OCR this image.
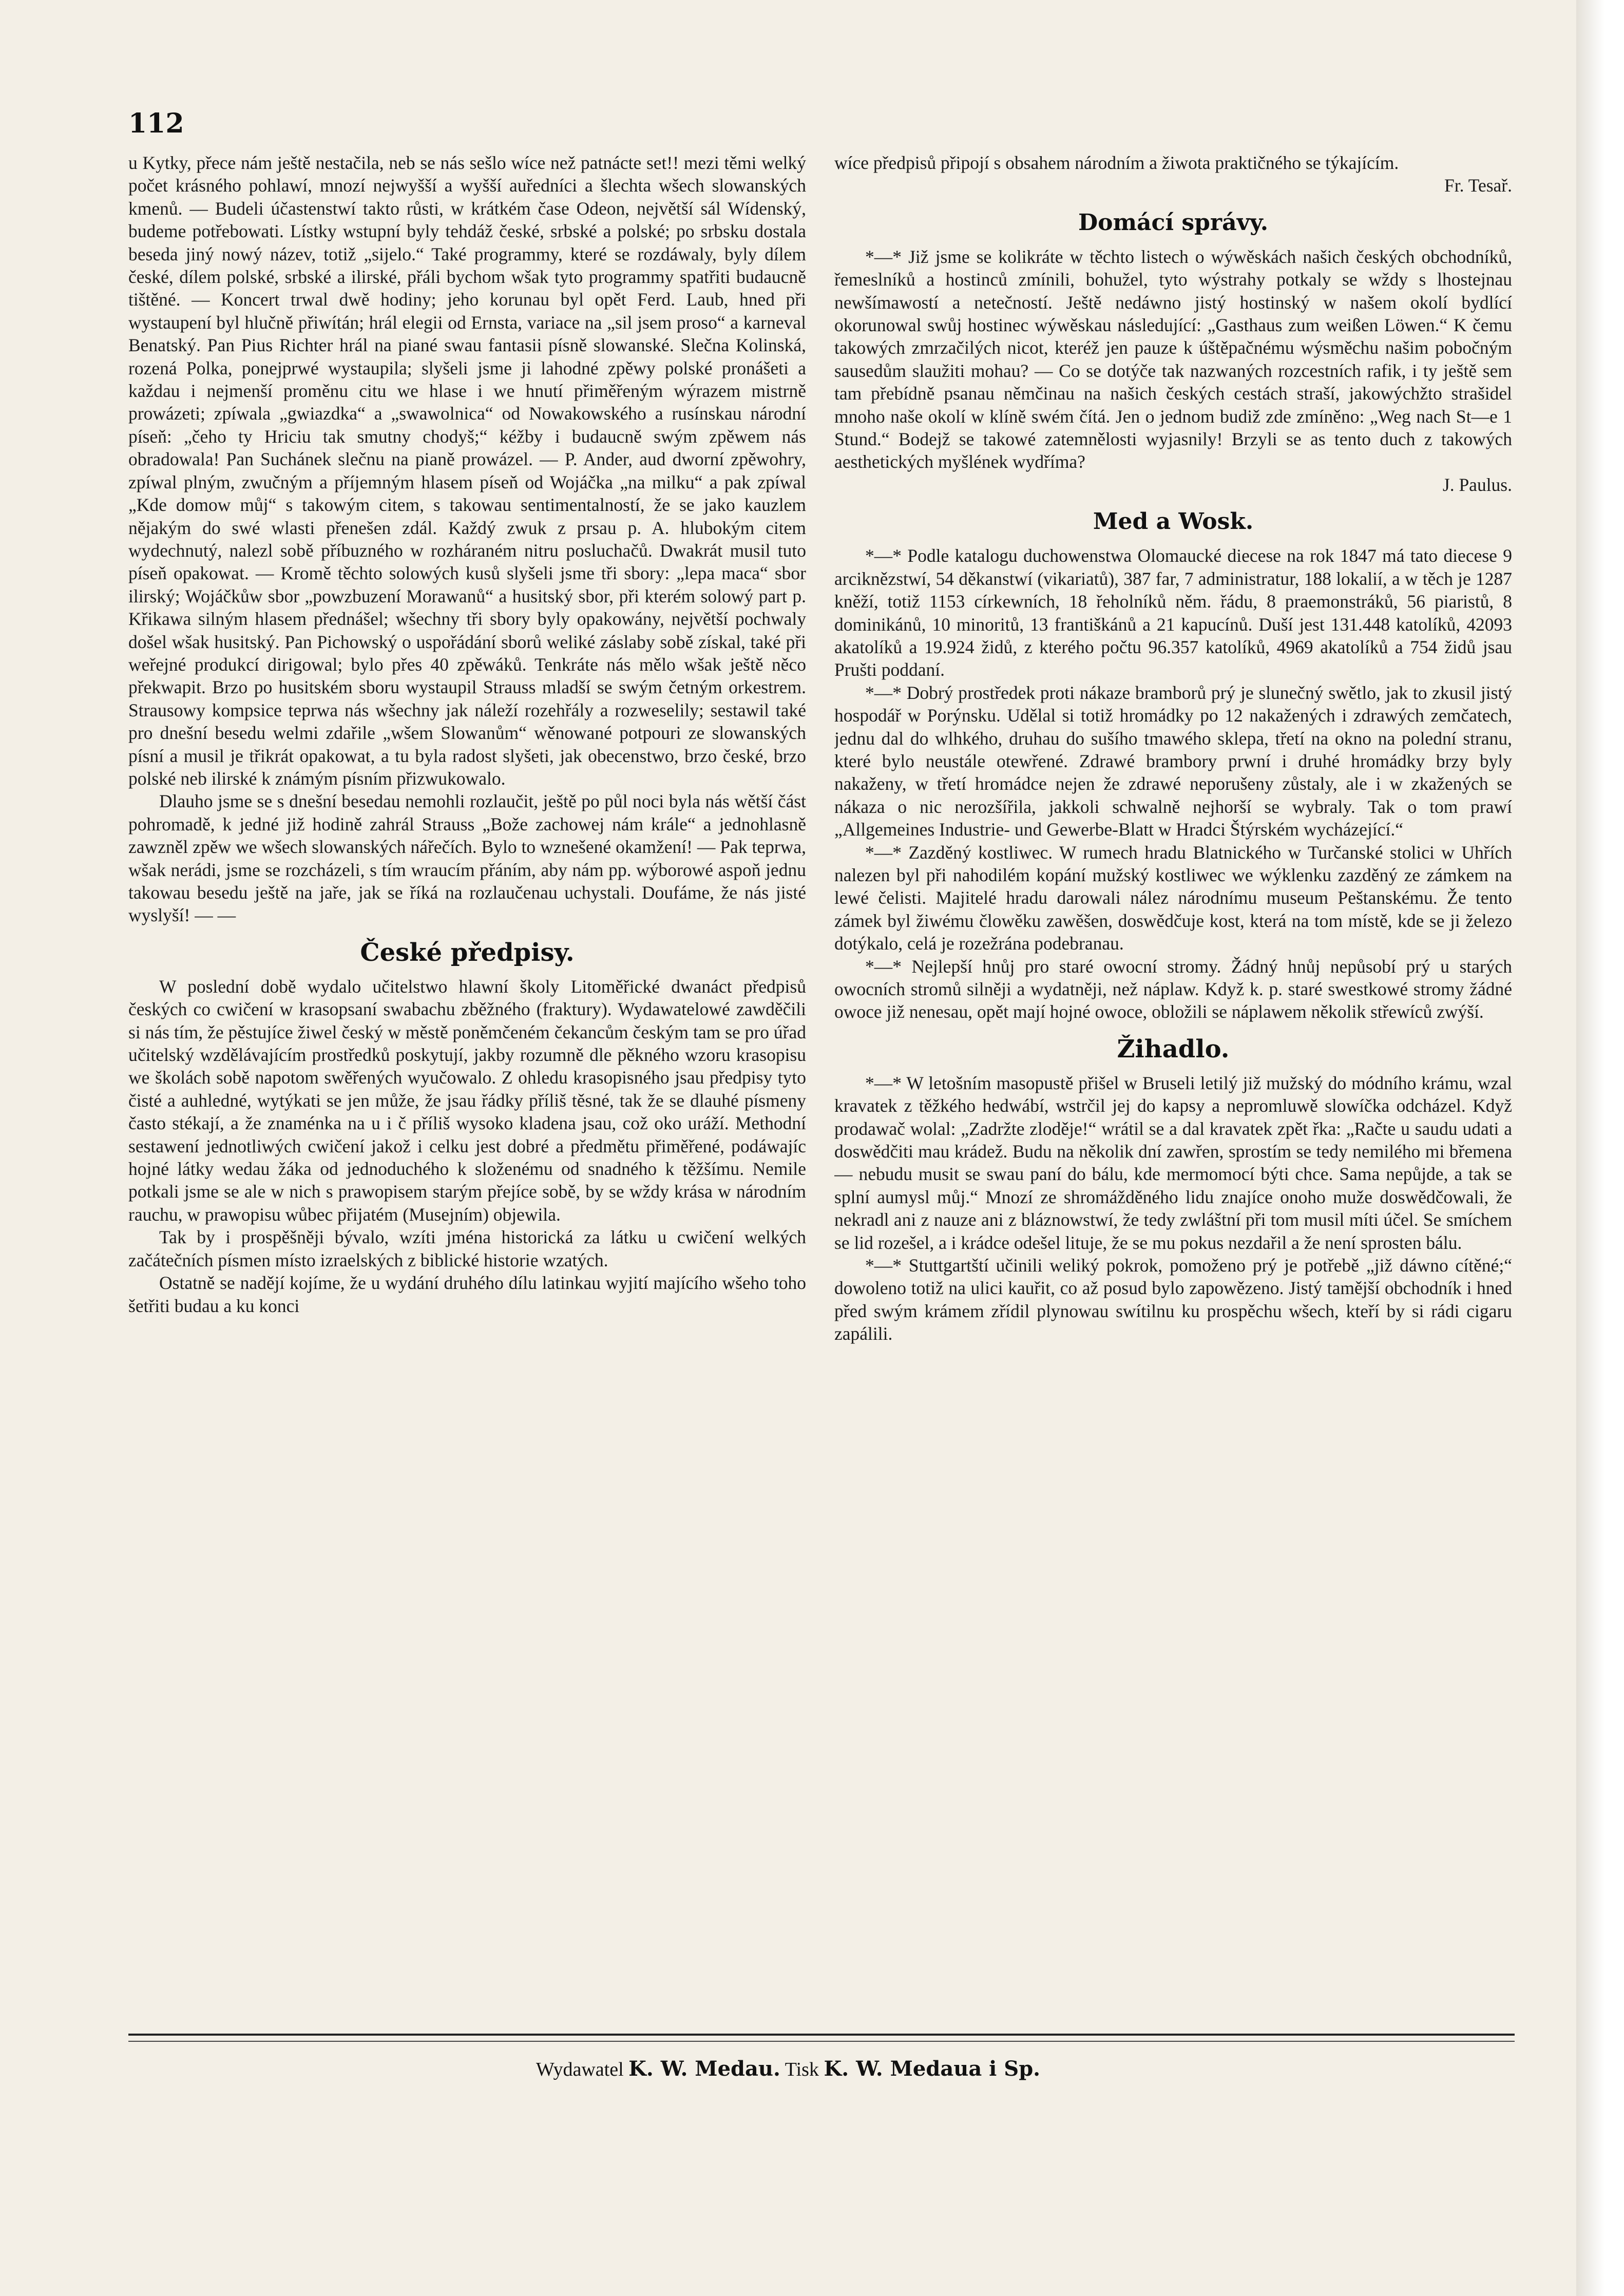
112

u Kytky, přece nám ještě nestačila, neb se nás sešlo wíce než patnácte set!! mezi těmi welký počet krásného pohlawí, mnozí nejwyšší a wyšší auředníci a šlechta wšech slowanských kmenů. — Budeli účastenstwí takto růsti, w krátkém čase Odeon, největší sál Wídenský, budeme potřebowati. Lístky wstupní byly tehdáž české, srbské a polské; po srbsku dostala beseda jiný nowý název, totiž „sijelo.“ Také programmy, které se rozdáwaly, byly dílem české, dílem polské, srbské a ilirské, přáli bychom wšak tyto programmy spatřiti budaucně tištěné. — Koncert trwal dwě hodiny; jeho korunau byl opět Ferd. Laub, hned při wystaupení byl hlučně přiwítán; hrál elegii od Ernsta, variace na „sil jsem proso“ a karneval Benatský. Pan Pius Richter hrál na piané swau fantasii písně slowanské. Slečna Kolinská, rozená Polka, poneјprwé wystaupila; slyšeli jsme ji lahodné zpěwy polské pronášeti a každau i nejmenší proměnu citu we hlase i we hnutí přiměřeným wýrazem mistrně prowázeti; zpíwala „gwiazdka“ a „swawolnica“ od Nowakowského a rusínskau národní píseň: „čeho ty Hriciu tak smutny chodyš;“ kéžby i budaucně swým zpěwem nás obradowala! Pan Suchánek slečnu na pianě prowázel. — P. Ander, aud dworní zpěwohry, zpíwal plným, zwučným a příjemným hlasem píseň od Wojáčka „na milku“ a pak zpíwal „Kde domow můj“ s takowým citem, s takowau sentimentalností, že se jako kauzlem nějakým do swé wlasti přenešen zdál. Každý zwuk z prsau p. A. hlubokým citem wydechnutý, nalezl sobě příbuzného w rozháraném nitru posluchačů. Dwakrát musil tuto píseň opakowat. — Kromě těchto solowých kusů slyšeli jsme tři sbory: „lepa maca“ sbor ilirský; Wojáčkůw sbor „powzbuzení Morawanů“ a husitský sbor, při kterém solowý part p. Křikawa silným hlasem přednášel; wšechny tři sbory byly opakowány, největší pochwaly došel wšak husitský. Pan Pichowský o uspořádání sborů weliké záslaby sobě získal, také při weřejné produkcí dirigowal; bylo přes 40 zpěwáků. Tenkráte nás mělo wšak ještě něco překwapit. Brzo po husitském sboru wystaupil Strauss mladší se swým četným orkestrem. Strausowy kompsice teprwa nás wšechny jak náleží rozehřály a rozweselily; sestawil také pro dnešní besedu welmi zdařile „wšem Slowanům“ wěnowané potpouri ze slowanských písní a musil je třikrát opakowat, a tu byla radost slyšeti, jak obecenstwo, brzo české, brzo polské neb ilirské k známým písním přizwukowalo.

Dlauho jsme se s dnešní besedau nemohli rozlaučit, ještě po půl noci byla nás wětší část pohromadě, k jedné již hodině zahrál Strauss „Bože zachowej nám krále“ a jednohlasně zawzněl zpěw we wšech slowanských nářečích. Bylo to wznešené okamžení! — Pak teprwa, wšak nerádi, jsme se rozcházeli, s tím wraucím přáním, aby nám pp. wýborowé aspoň jednu takowau besedu ještě na jaře, jak se říká na rozlaučenau uchystali. Doufáme, že nás jisté wyslyší! — —

České předpisy.

W poslední době wydalo učitelstwo hlawní školy Litoměřické dwanáct předpisů českých co cwičení w krasopsaní swabachu zběžného (fraktury). Wydawatelowé zawděčili si nás tím, že pěstujíce žiwel český w městě poněmčeném čekancům českým tam se pro úřad učitelský wzdělávajícím prostředků poskytují, jakby rozumně dle pěkného wzoru krasopisu we školách sobě napotom swěřených wyučowalo. Z ohledu krasopisného jsau předpisy tyto čisté a auhledné, wytýkati se jen může, že jsau řádky příliš těsné, tak že se dlauhé písmeny často stékají, a že znaménka na u i č příliš wysoko kladena jsau, což oko uráží. Methodní sestawení jednotliwých cwičení jakož i celku jest dobré a předmětu přiměřené, podáwajíc hojné látky wedau žáka od jednoduchého k složenému od snadného k těžšímu. Nemile potkali jsme se ale w nich s prawopisem starým přejíce sobě, by se wždy krása w národním rauchu, w prawopisu wůbec přijatém (Musejním) objewila.

Tak by i prospěšněji bývalo, wzíti jména historická za látku u cwičení welkých začátečních písmen místo izraelských z biblické historie wzatých.

Ostatně se nadějí kojíme, že u wydání druhého dílu latinkau wyjití majícího wšeho toho šetřiti budau a ku konci

wíce předpisů připojí s obsahem národním a žiwota praktičného se týkajícím.

Fr. Tesař.
Domácí správy.

*—* Již jsme se kolikráte w těchto listech o wýwěskách našich českých obchodníků, řemeslníků a hostinců zmínili, bohužel, tyto wýstrahy potkaly se wždy s lhostejnau newšímawostí a netečností. Ještě nedáwno jistý hostinský w našem okolí bydlící okorunowal swůj hostinec wýwěskau následující: „Gasthaus zum weißen Löwen.“ K čemu takowých zmrzačilých nicot, kteréž jen pauze k úštěpačnému wýsměchu našim pobočným sausedům slaužiti mohau? — Co se dotýče tak nazwaných rozcestních rafik, i ty ještě sem tam přebídně psanau němčinau na našich českých cestách straší, jakowýchžto strašidel mnoho naše okolí w klíně swém čítá. Jen o jednom budiž zde zmíněno: „Weg nach St—e 1 Stund.“ Bodejž se takowé zatemnělosti wyjasnily! Brzyli se as tento duch z takowých aesthetických myšlének wydříma?

J. Paulus.
Med a Wosk.

*—* Podle katalogu duchowenstwa Olomaucké diecese na rok 1847 má tato diecese 9 arciknězstwí, 54 děkanstwí (vikariatů), 387 far, 7 administratur, 188 lokalií, a w těch je 1287 kněží, totiž 1153 církewních, 18 řeholníků něm. řádu, 8 praemonstráků, 56 piaristů, 8 dominikánů, 10 minoritů, 13 františkánů a 21 kapucínů. Duší jest 131.448 katolíků, 42093 akatolíků a 19.924 židů, z kterého počtu 96.357 katolíků, 4969 akatolíků a 754 židů jsau Prušti poddaní.

*—* Dobrý prostředek proti nákaze bramborů prý je slunečný swětlo, jak to zkusil jistý hospodář w Porýnsku. Udělal si totiž hromádky po 12 nakažených i zdrawých zemčatech, jednu dal do wlhkého, druhau do sušího tmawého sklepa, třetí na okno na polední stranu, které bylo neustále otewřené. Zdrawé brambory prwní i druhé hromádky brzy byly nakaženy, w třetí hromádce nejen že zdrawé neporušeny zůstaly, ale i w zkažených se nákaza o nic nerozšířila, jakkoli schwalně nejhorší se wybraly. Tak o tom prawí „Allgemeines Industrie- und Gewerbe-Blatt w Hradci Štýrském wycházející.“

*—* Zazděný kostliwec. W rumech hradu Blatnického w Turčanské stolici w Uhřích nalezen byl při nahodilém kopání mužský kostliwec we wýklenku zazděný ze zámkem na lewé čelisti. Majitelé hradu darowali nález národnímu museum Peštanskému. Že tento zámek byl žiwému člowěku zawěšen, doswědčuje kost, která na tom místě, kde se ji železo dotýkalo, celá je rozežrána podebranau.

*—* Nejlepší hnůj pro staré owocní stromy. Žádný hnůj nepůsobí prý u starých owocních stromů silněji a wydatněji, než náplaw. Když k. p. staré swestkowé stromy žádné owoce již nenesau, opět mají hojné owoce, obložili se náplawem několik střewíců zwýší.

Žihadlo.

*—* W letošním masopustě přišel w Bruseli letilý již mužský do módního krámu, wzal kravatek z těžkého hedwábí, wstrčil jej do kapsy a nepromluwě slowíčka odcházel. Když prodawač wolal: „Zadržte zloděje!“ wrátil se a dal kravatek zpět řka: „Račte u saudu udati a doswědčiti mau krádež. Budu na několik dní zawřen, sprostím se tedy nemilého mi břemena — nebudu musit se swau paní do bálu, kde mermomocí býti chce. Sama nepůjde, a tak se splní aumysl můj.“ Mnozí ze shromážděného lidu znajíce onoho muže doswědčowali, že nekradl ani z nauze ani z bláznowstwí, že tedy zwláštní při tom musil míti účel. Se smíchem se lid rozešel, a i krádce odešel lituje, že se mu pokus nezdařil a že není sprosten bálu.

*—* Stuttgartští učinili weliký pokrok, pomoženo prý je potřebě „již dáwno cítěné;“ dowoleno totiž na ulici kauřit, co až posud bylo zapowězeno. Jistý tamější obchodník i hned před swým krámem zřídil plynowau swítilnu ku prospěchu wšech, kteří by si rádi cigaru zapálili.

Wydawatel K. W. Medau. Tisk K. W. Medaua i Sp.
